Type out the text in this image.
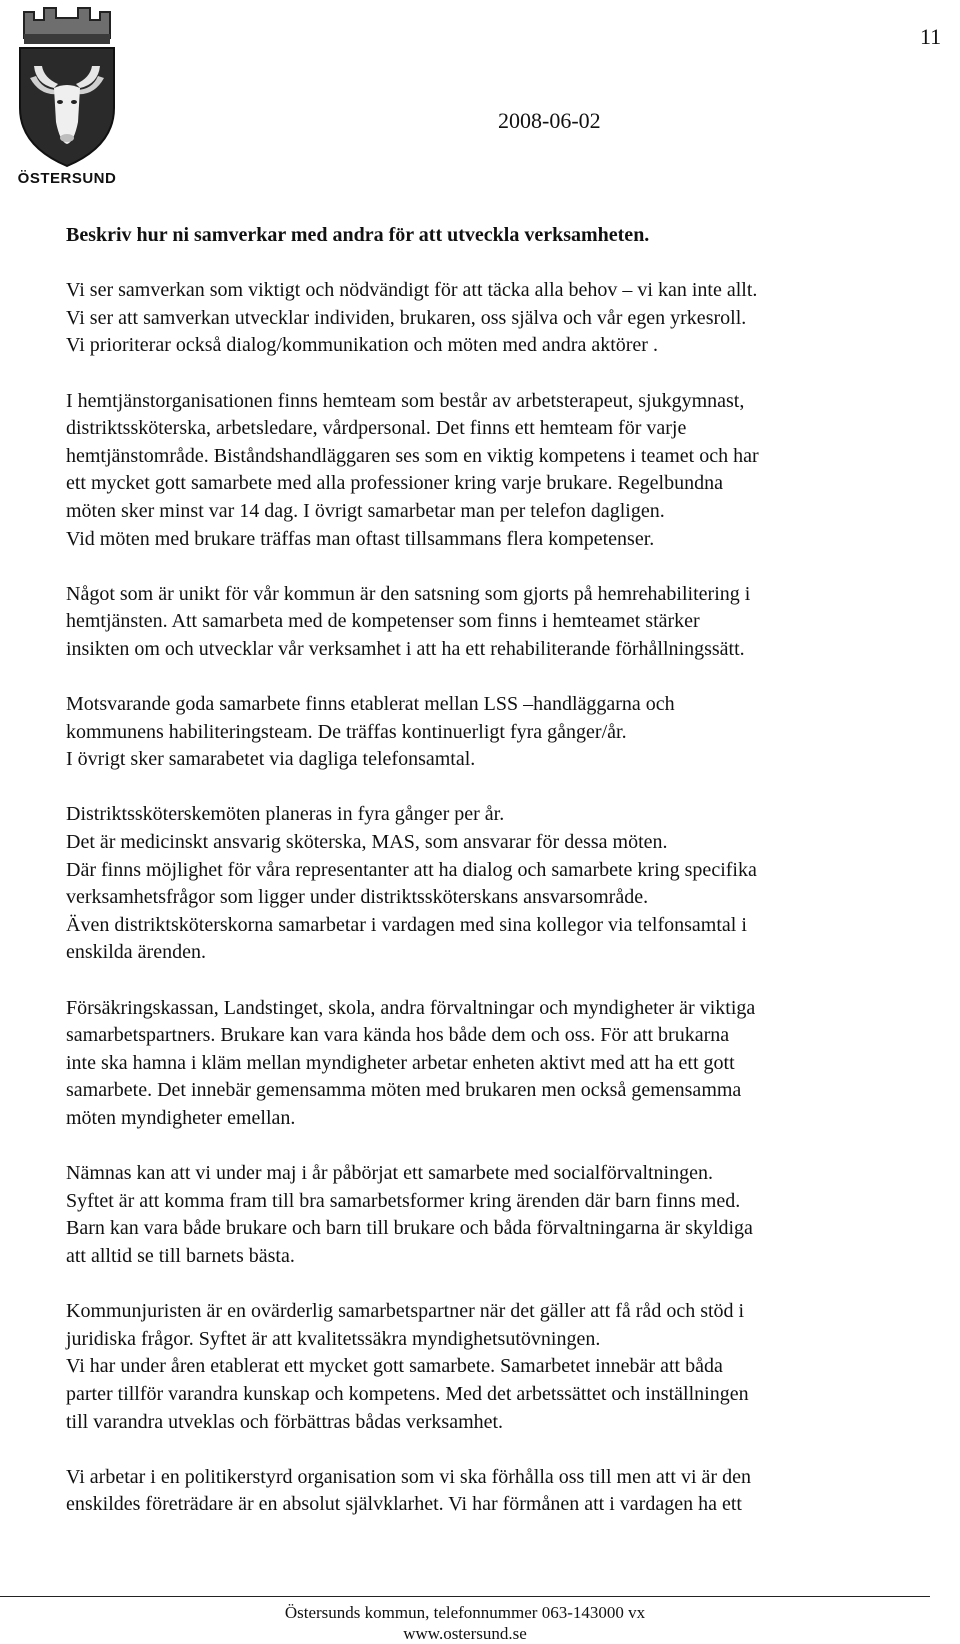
ÖSTERSUND
11
2008-06-02
Beskriv hur ni samverkar med andra för att utveckla verksamheten.
Vi ser samverkan som viktigt och nödvändigt för att täcka alla behov – vi kan inte allt.
Vi ser att samverkan utvecklar individen, brukaren, oss själva och vår egen yrkesroll.
Vi prioriterar också dialog/kommunikation och möten med andra aktörer .
I hemtjänstorganisationen finns hemteam som består av arbetsterapeut, sjukgymnast,
distriktssköterska, arbetsledare, vårdpersonal. Det finns ett hemteam för varje
hemtjänstområde. Biståndshandläggaren ses som en viktig kompetens i teamet och har
ett mycket gott samarbete med alla professioner kring varje brukare. Regelbundna
möten sker minst var 14 dag. I övrigt samarbetar man per telefon dagligen.
Vid möten med brukare träffas man oftast tillsammans flera kompetenser.
Något som är unikt för vår kommun är den satsning som gjorts på hemrehabilitering i
hemtjänsten. Att samarbeta med de kompetenser som finns i hemteamet stärker
insikten om och utvecklar vår verksamhet i att ha ett rehabiliterande förhållningssätt.
Motsvarande goda samarbete finns etablerat mellan LSS –handläggarna och
kommunens habiliteringsteam. De träffas kontinuerligt fyra gånger/år.
I övrigt sker samarabetet via dagliga telefonsamtal.
Distriktssköterskemöten planeras in fyra gånger per år.
Det är medicinskt ansvarig sköterska, MAS, som ansvarar för dessa möten.
Där finns möjlighet för våra representanter att ha dialog och samarbete kring specifika
verksamhetsfrågor som ligger under distriktssköterskans ansvarsområde.
Även distriktsköterskorna samarbetar i vardagen med sina kollegor via telfonsamtal i
enskilda ärenden.
Försäkringskassan, Landstinget, skola, andra förvaltningar och myndigheter är viktiga
samarbetspartners. Brukare kan vara kända hos både dem och oss. För att brukarna
inte ska hamna i kläm mellan myndigheter arbetar enheten aktivt med att ha ett gott
samarbete. Det innebär gemensamma möten med brukaren men också gemensamma
möten myndigheter emellan.
Nämnas kan att vi under maj i år påbörjat ett samarbete med socialförvaltningen.
Syftet är att komma fram till bra samarbetsformer kring ärenden där barn finns med.
Barn kan vara både brukare och barn till brukare och båda förvaltningarna är skyldiga
att alltid se till barnets bästa.
Kommunjuristen är en ovärderlig samarbetspartner när det gäller att få råd och stöd i
juridiska frågor. Syftet är att kvalitetssäkra myndighetsutövningen.
Vi har under åren etablerat ett mycket gott samarbete. Samarbetet innebär att båda
parter tillför varandra kunskap och kompetens. Med det arbetssättet och inställningen
till varandra utveklas och förbättras bådas verksamhet.
Vi arbetar i en politikerstyrd organisation som vi ska förhålla oss till men att vi är den
enskildes företrädare är en absolut självklarhet. Vi har förmånen att i vardagen ha ett
Östersunds kommun, telefonnummer 063-143000 vx
www.ostersund.se
